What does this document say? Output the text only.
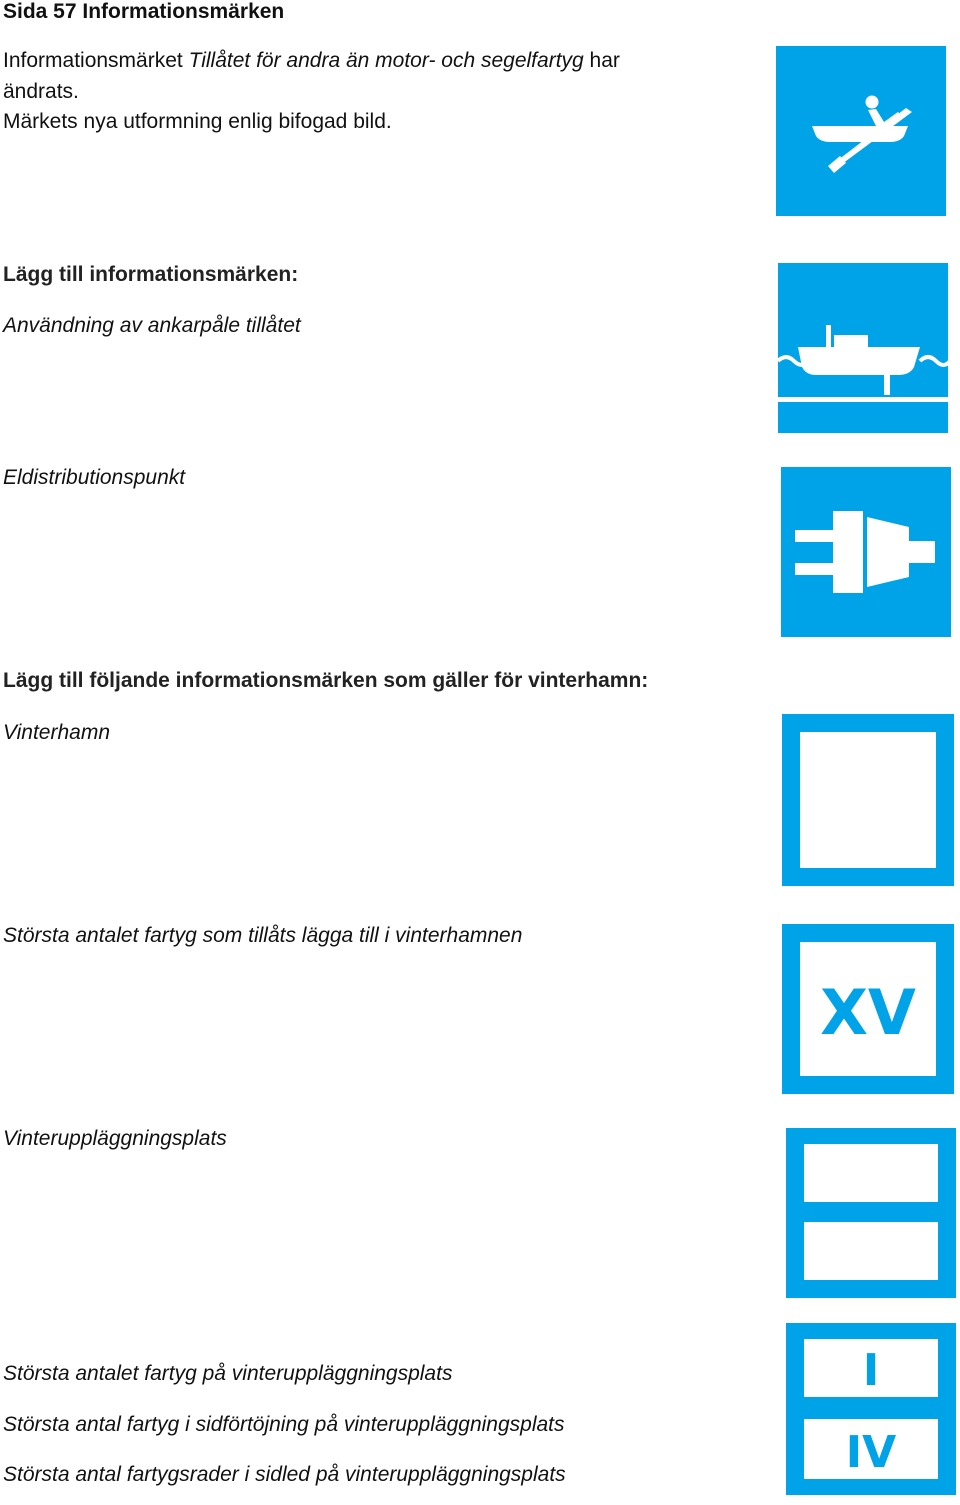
Sida 57 Informationsmärken

Informationsmärket Tillåtet för andra än motor- och segelfartyg har

ändrats.

Märkets nya utformning enlig bifogad bild.

Lägg till informationsmärken:

Användning av ankarpåle tillåtet

Eldistributionspunkt

Lägg till följande informationsmärken som gäller för vinterhamn:

Vinterhamn

Största antalet fartyg som tillåts lägga till i vinterhamnen

XV

Vinteruppläggningsplats

I
IV

Största antalet fartyg på vinteruppläggningsplats

Största antal fartyg i sidförtöjning på vinteruppläggningsplats

Största antal fartygsrader i sidled på vinteruppläggningsplats
